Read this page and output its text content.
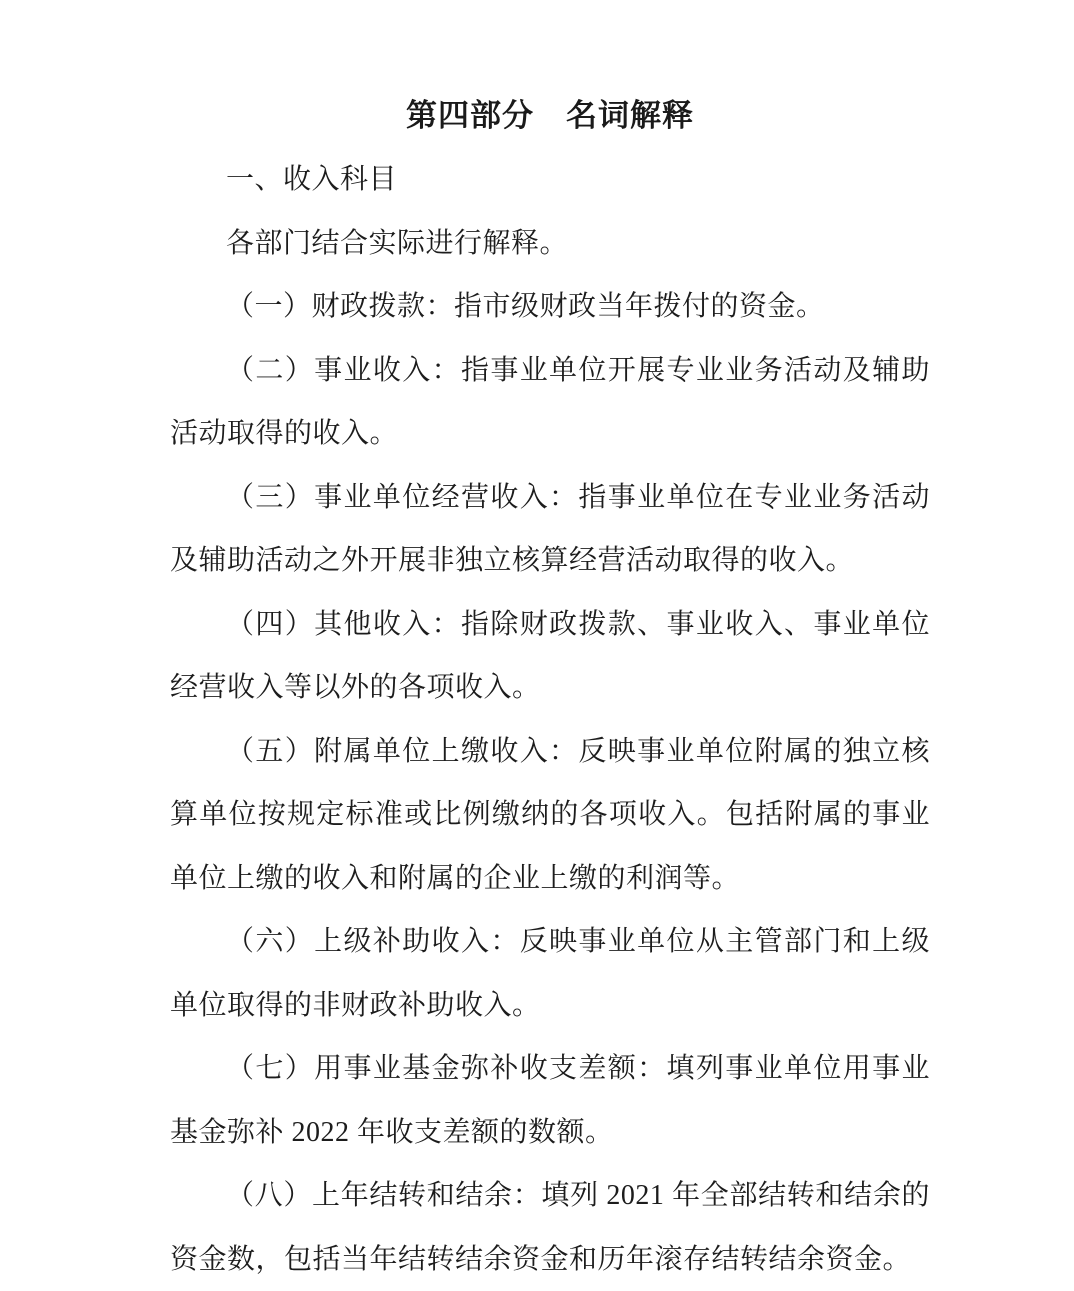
第四部分　名词解释

一、收入科目

各部门结合实际进行解释。

（一）财政拨款：指市级财政当年拨付的资金。

（二）事业收入：指事业单位开展专业业务活动及辅助活动取得的收入。

（三）事业单位经营收入：指事业单位在专业业务活动及辅助活动之外开展非独立核算经营活动取得的收入。

（四）其他收入：指除财政拨款、事业收入、事业单位经营收入等以外的各项收入。

（五）附属单位上缴收入：反映事业单位附属的独立核算单位按规定标准或比例缴纳的各项收入。包括附属的事业单位上缴的收入和附属的企业上缴的利润等。

（六）上级补助收入：反映事业单位从主管部门和上级单位取得的非财政补助收入。

（七）用事业基金弥补收支差额：填列事业单位用事业基金弥补 2022 年收支差额的数额。

（八）上年结转和结余：填列 2021 年全部结转和结余的资金数，包括当年结转结余资金和历年滚存结转结余资金。
